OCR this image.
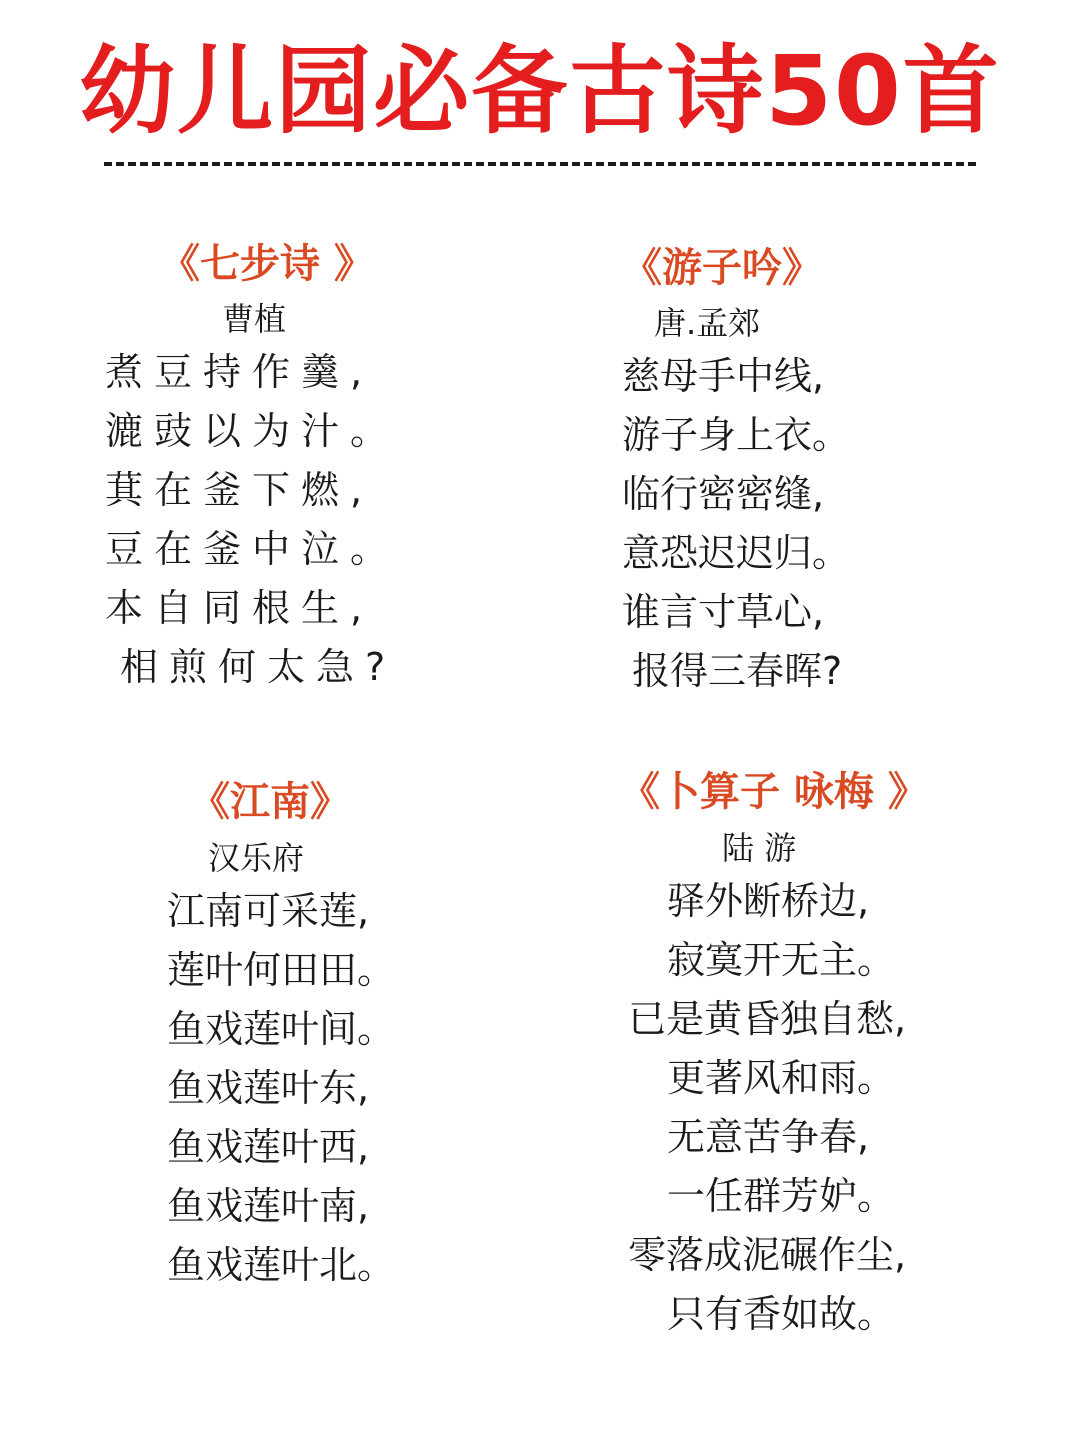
幼儿园必备古诗50首
《七步诗 》
曹植
煮豆持作羹,
漉豉以为汁。
萁在釜下燃,
豆在釜中泣。
本自同根生,
相煎何太急?
《游子吟》
唐.孟郊
慈母手中线,
游子身上衣。
临行密密缝,
意恐迟迟归。
谁言寸草心,
报得三春晖?
《江南》
汉乐府
江南可采莲,
莲叶何田田。
鱼戏莲叶间。
鱼戏莲叶东,
鱼戏莲叶西,
鱼戏莲叶南,
鱼戏莲叶北。
《卜算子 咏梅 》
陆 游
驿外断桥边,
寂寞开无主。
已是黄昏独自愁,
更著风和雨。
无意苦争春,
一任群芳妒。
零落成泥碾作尘,
只有香如故。
